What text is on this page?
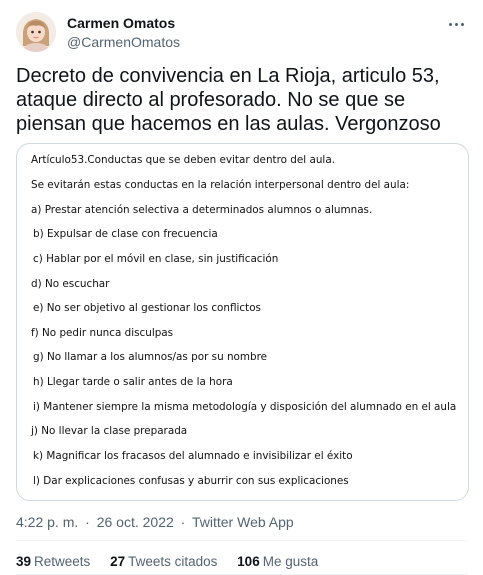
Carmen Omatos
@CarmenOmatos
Decreto de convivencia en La Rioja, articulo 53, ataque directo al profesorado. No se que se piensan que hacemos en las aulas. Vergonzoso
Artículo53.Conductas que se deben evitar dentro del aula.
Se evitarán estas conductas en la relación interpersonal dentro del aula:
a) Prestar atención selectiva a determinados alumnos o alumnas.
b) Expulsar de clase con frecuencia
c) Hablar por el móvil en clase, sin justificación
d) No escuchar
e) No ser objetivo al gestionar los conflictos
f) No pedir nunca disculpas
g) No llamar a los alumnos/as por su nombre
h) Llegar tarde o salir antes de la hora
i) Mantener siempre la misma metodología y disposición del alumnado en el aula
j) No llevar la clase preparada
k) Magnificar los fracasos del alumnado e invisibilizar el éxito
l) Dar explicaciones confusas y aburrir con sus explicaciones
4:22 p. m. · 26 oct. 2022 · Twitter Web App
39 Retweets 27 Tweets citados 106 Me gusta
